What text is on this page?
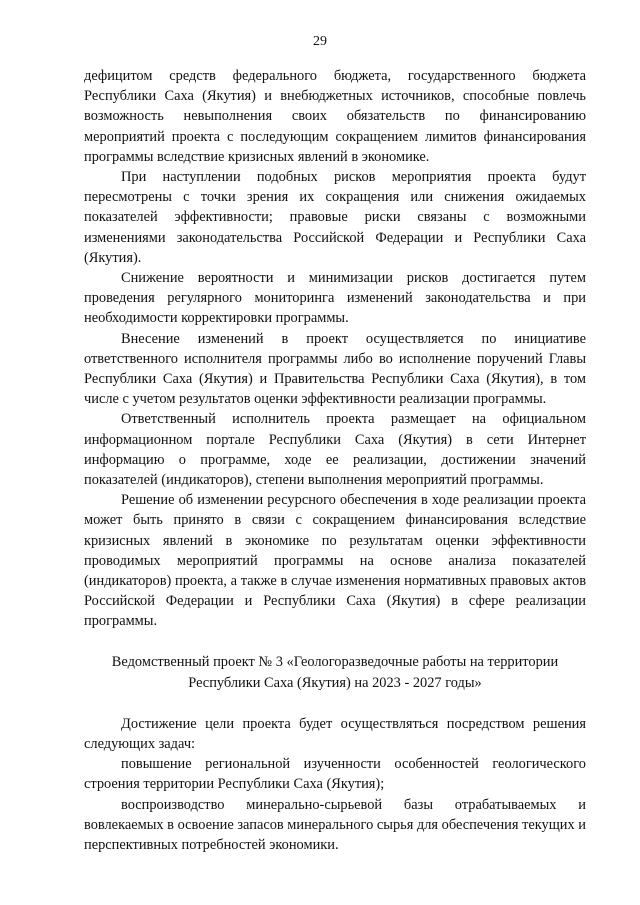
29

дефицитом средств федерального бюджета, государственного бюджета Республики Саха (Якутия) и внебюджетных источников, способные повлечь возможность невыполнения своих обязательств по финансированию мероприятий проекта с последующим сокращением лимитов финансирования программы вследствие кризисных явлений в экономике.

При наступлении подобных рисков мероприятия проекта будут пересмотрены с точки зрения их сокращения или снижения ожидаемых показателей эффективности; правовые риски связаны с возможными изменениями законодательства Российской Федерации и Республики Саха (Якутия).

Снижение вероятности и минимизации рисков достигается путем проведения регулярного мониторинга изменений законодательства и при необходимости корректировки программы.

Внесение изменений в проект осуществляется по инициативе ответственного исполнителя программы либо во исполнение поручений Главы Республики Саха (Якутия) и Правительства Республики Саха (Якутия), в том числе с учетом результатов оценки эффективности реализации программы.

Ответственный исполнитель проекта размещает на официальном информационном портале Республики Саха (Якутия) в сети Интернет информацию о программе, ходе ее реализации, достижении значений показателей (индикаторов), степени выполнения мероприятий программы.

Решение об изменении ресурсного обеспечения в ходе реализации проекта может быть принято в связи с сокращением финансирования вследствие кризисных явлений в экономике по результатам оценки эффективности проводимых мероприятий программы на основе анализа показателей (индикаторов) проекта, а также в случае изменения нормативных правовых актов Российской Федерации и Республики Саха (Якутия) в сфере реализации программы.

Ведомственный проект № 3 «Геологоразведочные работы на территории
Республики Саха (Якутия) на 2023 - 2027 годы»

Достижение цели проекта будет осуществляться посредством решения следующих задач:

повышение региональной изученности особенностей геологического строения территории Республики Саха (Якутия);

воспроизводство минерально-сырьевой базы отрабатываемых и вовлекаемых в освоение запасов минерального сырья для обеспечения текущих и перспективных потребностей экономики.
